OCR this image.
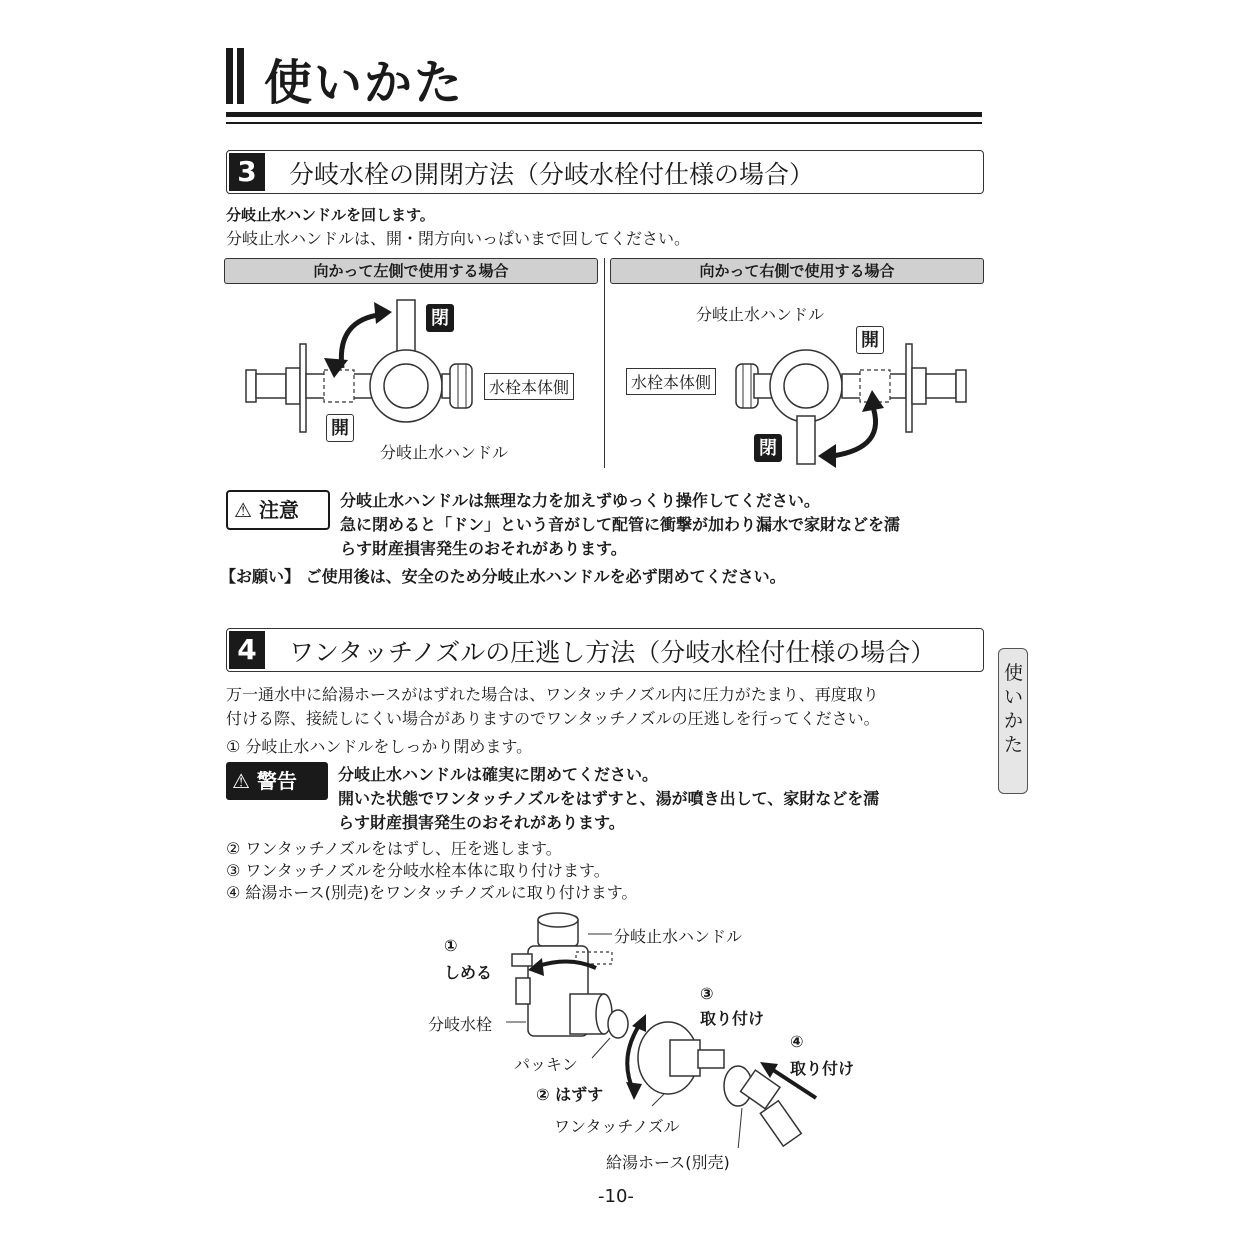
使いかた
3	分岐水栓の開閉方法（分岐水栓付仕様の場合）
分岐止水ハンドルを回します。
分岐止水ハンドルは、開・閉方向いっぱいまで回してください。
向かって左側で使用する場合	向かって右側で使用する場合
閉
開
水栓本体側
分岐止水ハンドル
分岐止水ハンドル
開
水栓本体側
閉
⚠ 注意	分岐止水ハンドルは無理な力を加えずゆっくり操作してください。
急に閉めると「ドン」という音がして配管に衝撃が加わり漏水で家財などを濡
らす財産損害発生のおそれがあります。
【お願い】 ご使用後は、安全のため分岐止水ハンドルを必ず閉めてください。
4	ワンタッチノズルの圧逃し方法（分岐水栓付仕様の場合）
使いかた
万一通水中に給湯ホースがはずれた場合は、ワンタッチノズル内に圧力がたまり、再度取り
付ける際、接続しにくい場合がありますのでワンタッチノズルの圧逃しを行ってください。
① 分岐止水ハンドルをしっかり閉めます。
⚠ 警告	分岐止水ハンドルは確実に閉めてください。
開いた状態でワンタッチノズルをはずすと、湯が噴き出して、家財などを濡
らす財産損害発生のおそれがあります。
② ワンタッチノズルをはずし、圧を逃します。
③ ワンタッチノズルを分岐水栓本体に取り付けます。
④ 給湯ホース(別売)をワンタッチノズルに取り付けます。
分岐止水ハンドル
①
しめる
分岐水栓
パッキン
② はずす
ワンタッチノズル
③
取り付け
④
取り付け
給湯ホース(別売)
-10-
